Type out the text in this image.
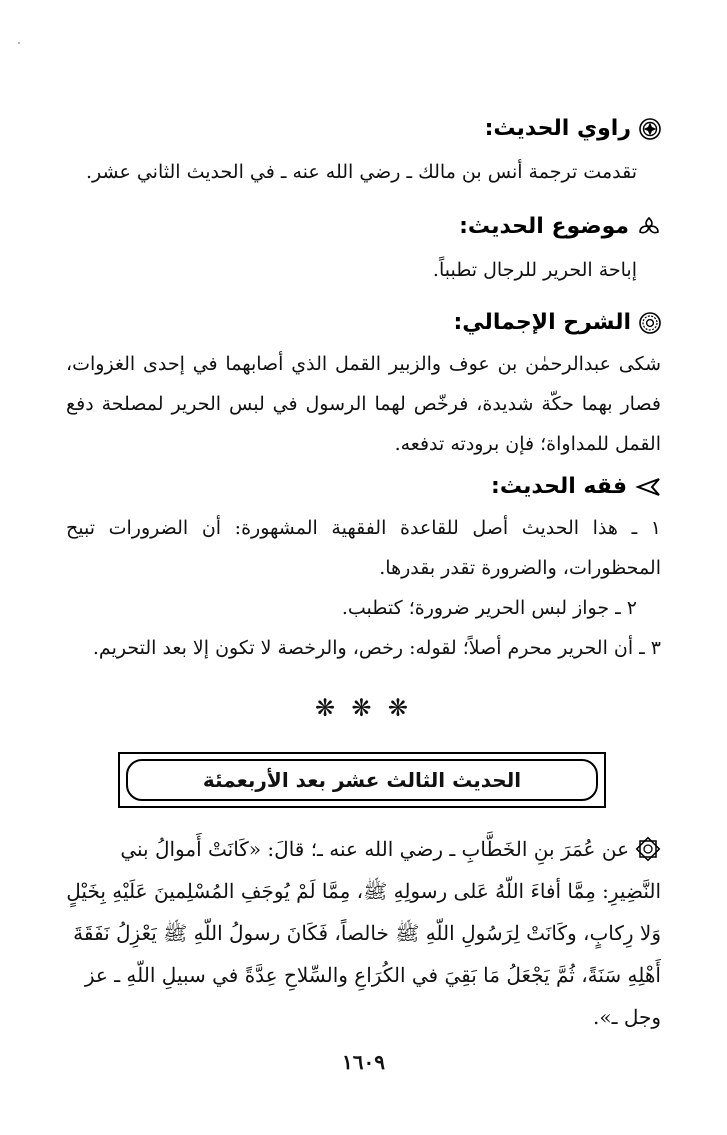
راوي الحديث:

تقدمت ترجمة أنس بن مالك ـ رضي الله عنه ـ في الحديث الثاني عشر.

موضوع الحديث:

إباحة الحرير للرجال تطبباً.

الشرح الإجمالي:

شكى عبدالرحمٰن بن عوف والزبير القمل الذي أصابهما في إحدى الغزوات، فصار بهما حكّة شديدة، فرخّص لهما الرسول في لبس الحرير لمصلحة دفع القمل للمداواة؛ فإن برودته تدفعه.

فقه الحديث:

١ ـ هذا الحديث أصل للقاعدة الفقهية المشهورة: أن الضرورات تبيح المحظورات، والضرورة تقدر بقدرها.

٢ ـ جواز لبس الحرير ضرورة؛ كتطبب.

٣ ـ أن الحرير محرم أصلاً؛ لقوله: رخص، والرخصة لا تكون إلا بعد التحريم.

❋ ❋ ❋
الحديث الثالث عشر بعد الأربعمئة

عن عُمَرَ بنِ الخَطَّابِ ـ رضي الله عنه ـ؛ قالَ: «كَانَتْ أَموالُ بني النَّضِيرِ: مِمَّا أفاءَ اللّهُ عَلى رسولِهِ ﷺ، مِمَّا لَمْ يُوجَفِ المُسْلِمينَ عَلَيْهِ بِخَيْلٍ وَلا رِكابٍ، وكَانَتْ لِرَسُولِ اللّهِ ﷺ خالصاً، فَكَانَ رسولُ اللّهِ ﷺ يَعْزِلُ نَفَقَةَ أَهْلِهِ سَنَةً، ثُمَّ يَجْعَلُ مَا بَقِيَ في الكُرَاعِ والسِّلاحِ عِدَّةً في سبيلِ اللّهِ ـ عز وجل ـ».

١٦٠٩
